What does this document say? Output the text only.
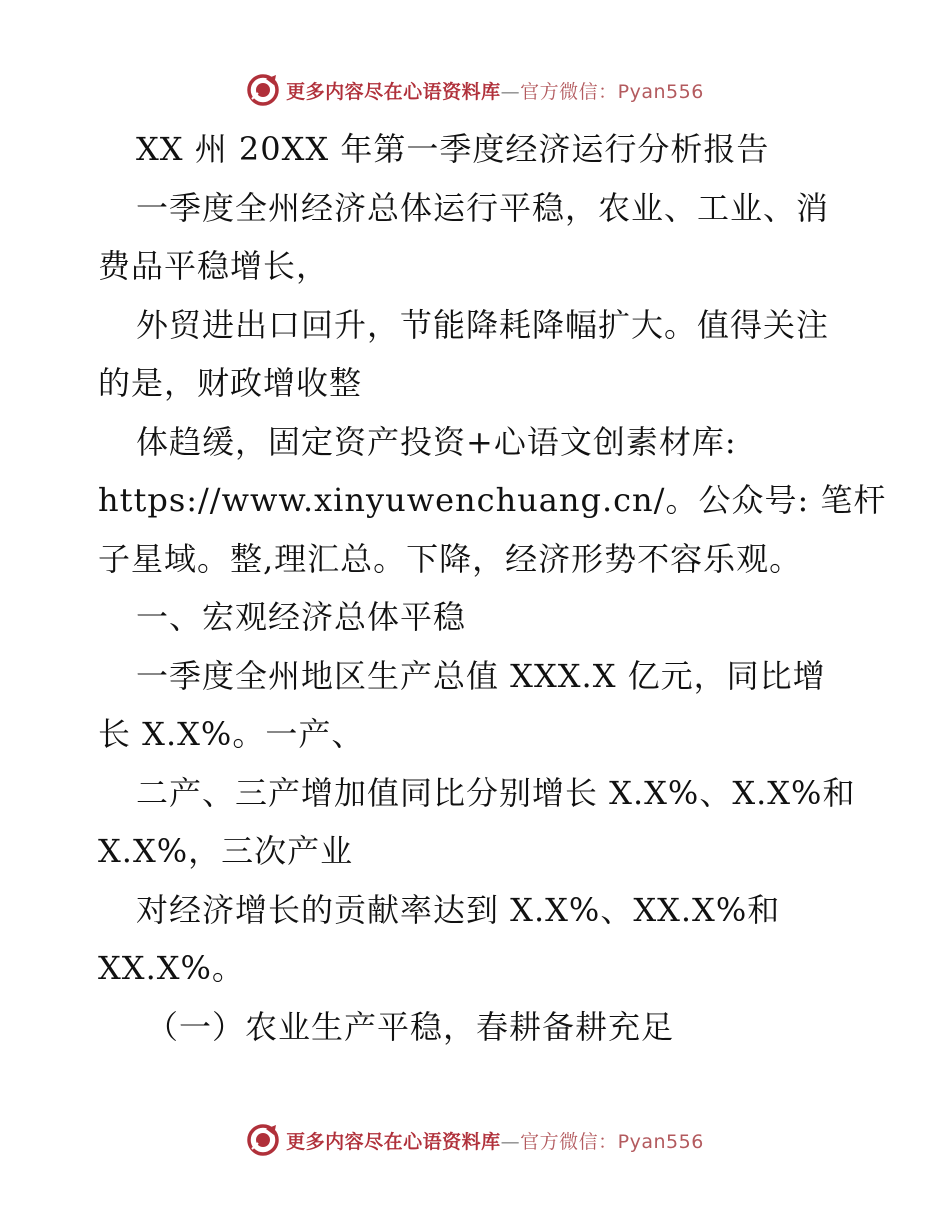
更多内容尽在心语资料库—官方微信：Pyan556
XX 州 20XX 年第一季度经济运行分析报告
一季度全州经济总体运行平稳，农业、工业、消
费品平稳增长，
外贸进出口回升，节能降耗降幅扩大。值得关注
的是，财政增收整
体趋缓，固定资产投资+心语文创素材库:
https://www.xinyuwenchuang.cn/。公众号: 笔杆
子星域。整,理汇总。下降，经济形势不容乐观。
一、宏观经济总体平稳
一季度全州地区生产总值 XXX.X 亿元，同比增
长 X.X%。一产、
二产、三产增加值同比分别增长 X.X%、X.X%和
X.X%，三次产业
对经济增长的贡献率达到 X.X%、XX.X%和
XX.X%。
（一）农业生产平稳，春耕备耕充足
更多内容尽在心语资料库—官方微信：Pyan556
